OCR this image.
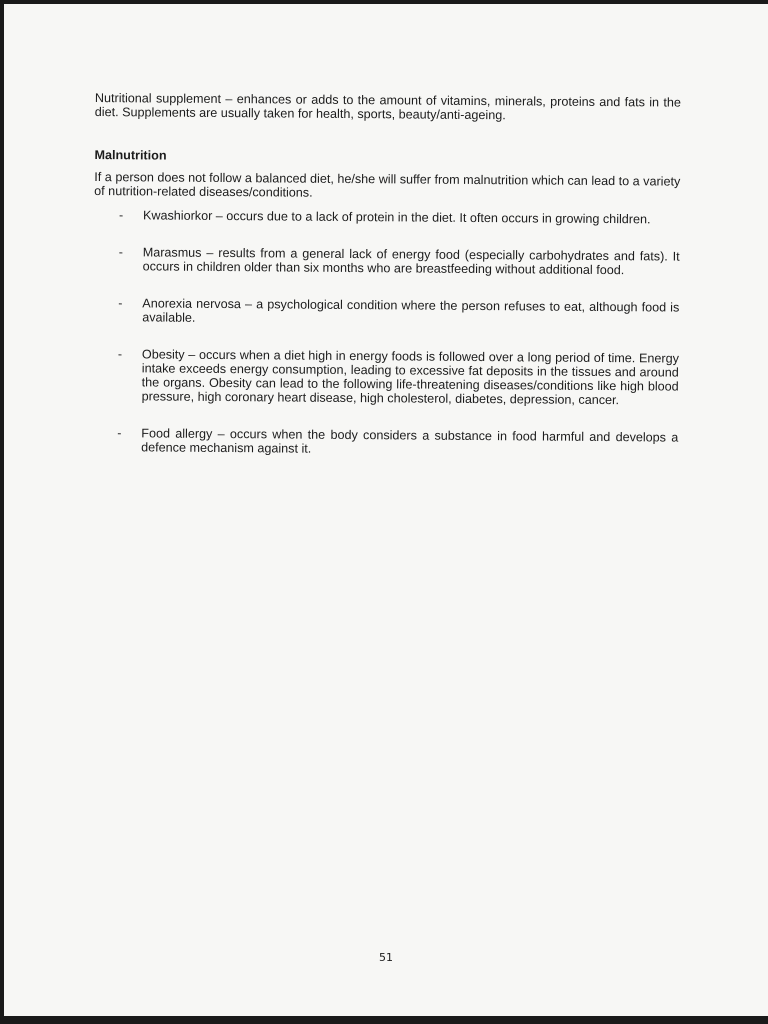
Nutritional supplement – enhances or adds to the amount of vitamins, minerals, proteins and fats in the diet. Supplements are usually taken for health, sports, beauty/anti-ageing.

Malnutrition

If a person does not follow a balanced diet, he/she will suffer from malnutrition which can lead to a variety of nutrition-related diseases/conditions.

- Kwashiorkor – occurs due to a lack of protein in the diet. It often occurs in growing children.
- Marasmus – results from a general lack of energy food (especially carbohydrates and fats). It occurs in children older than six months who are breastfeeding without additional food.
- Anorexia nervosa – a psychological condition where the person refuses to eat, although food is available.
- Obesity – occurs when a diet high in energy foods is followed over a long period of time. Energy intake exceeds energy consumption, leading to excessive fat deposits in the tissues and around the organs. Obesity can lead to the following life-threatening diseases/conditions like high blood pressure, high coronary heart disease, high cholesterol, diabetes, depression, cancer.
- Food allergy – occurs when the body considers a substance in food harmful and develops a defence mechanism against it.
51
